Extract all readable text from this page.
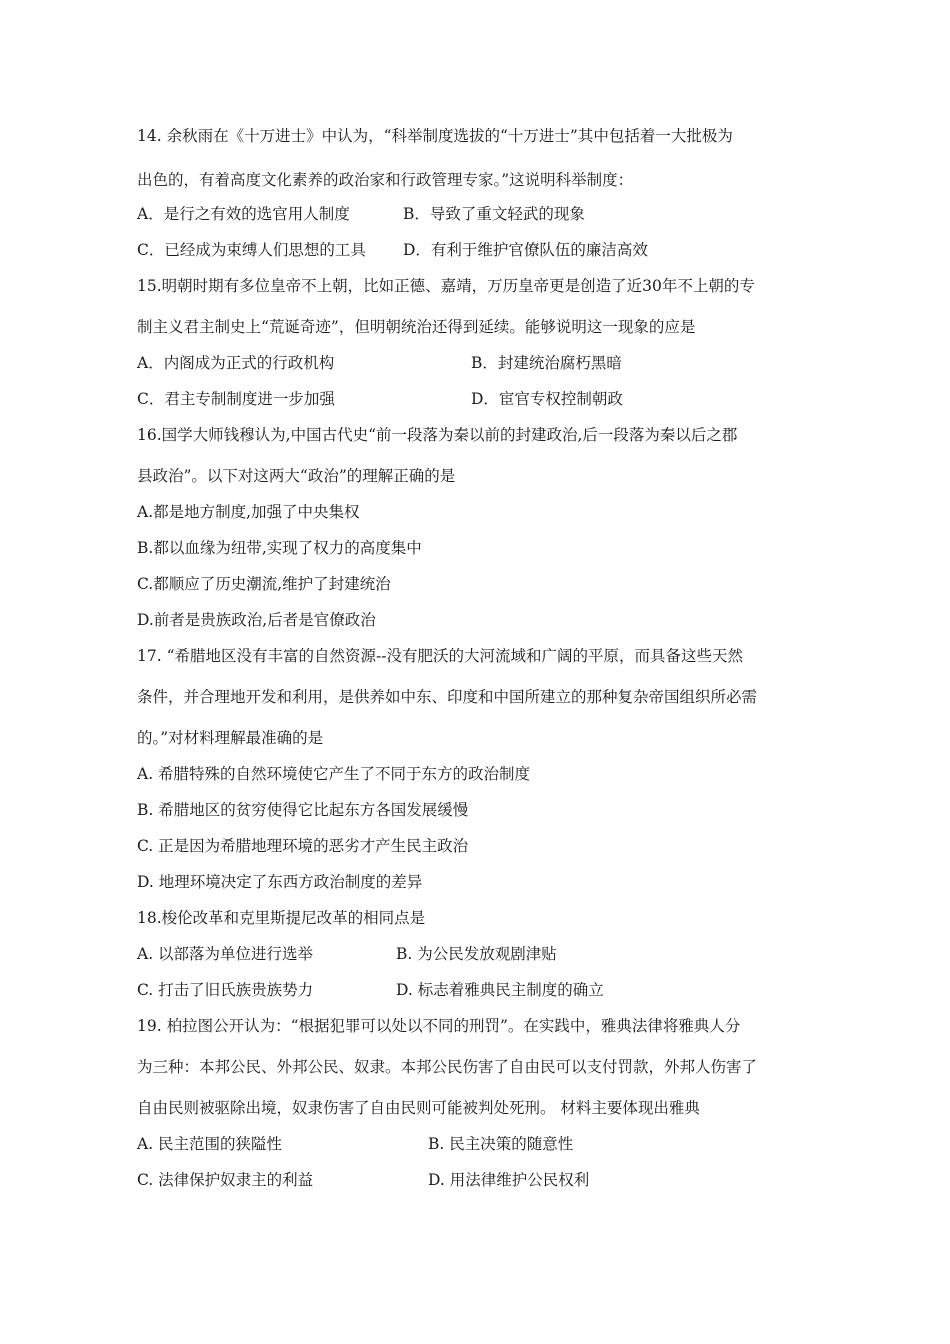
14. 余秋雨在《十万进士》中认为，“科举制度选拔的“十万进士”其中包括着一大批极为
出色的，有着高度文化素养的政治家和行政管理专家。”这说明科举制度：
A．是行之有效的选官用人制度	B．导致了重文轻武的现象
C．已经成为束缚人们思想的工具 D．有利于维护官僚队伍的廉洁高效
15.明朝时期有多位皇帝不上朝，比如正德、嘉靖，万历皇帝更是创造了近30年不上朝的专
制主义君主制史上“荒诞奇迹”，但明朝统治还得到延续。能够说明这一现象的应是
A．内阁成为正式的行政机构	B．封建统治腐朽黑暗
C．君主专制制度进一步加强	D．宦官专权控制朝政
16.国学大师钱穆认为,中国古代史“前一段落为秦以前的封建政治,后一段落为秦以后之郡
县政治”。以下对这两大“政治”的理解正确的是
A.都是地方制度,加强了中央集权
B.都以血缘为纽带,实现了权力的高度集中
C.都顺应了历史潮流,维护了封建统治
D.前者是贵族政治,后者是官僚政治
17. “希腊地区没有丰富的自然资源--没有肥沃的大河流域和广阔的平原，而具备这些天然
条件，并合理地开发和利用，是供养如中东、印度和中国所建立的那种复杂帝国组织所必需
的。”对材料理解最准确的是
A. 希腊特殊的自然环境使它产生了不同于东方的政治制度
B. 希腊地区的贫穷使得它比起东方各国发展缓慢
C. 正是因为希腊地理环境的恶劣才产生民主政治
D. 地理环境决定了东西方政治制度的差异
18.梭伦改革和克里斯提尼改革的相同点是
A. 以部落为单位进行选举	B. 为公民发放观剧津贴
C. 打击了旧氏族贵族势力	D. 标志着雅典民主制度的确立
19. 柏拉图公开认为：“根据犯罪可以处以不同的刑罚”。在实践中，雅典法律将雅典人分
为三种：本邦公民、外邦公民、奴隶。本邦公民伤害了自由民可以支付罚款，外邦人伤害了
自由民则被驱除出境，奴隶伤害了自由民则可能被判处死刑。 材料主要体现出雅典
A. 民主范围的狭隘性	B. 民主决策的随意性
C. 法律保护奴隶主的利益	D. 用法律维护公民权利
